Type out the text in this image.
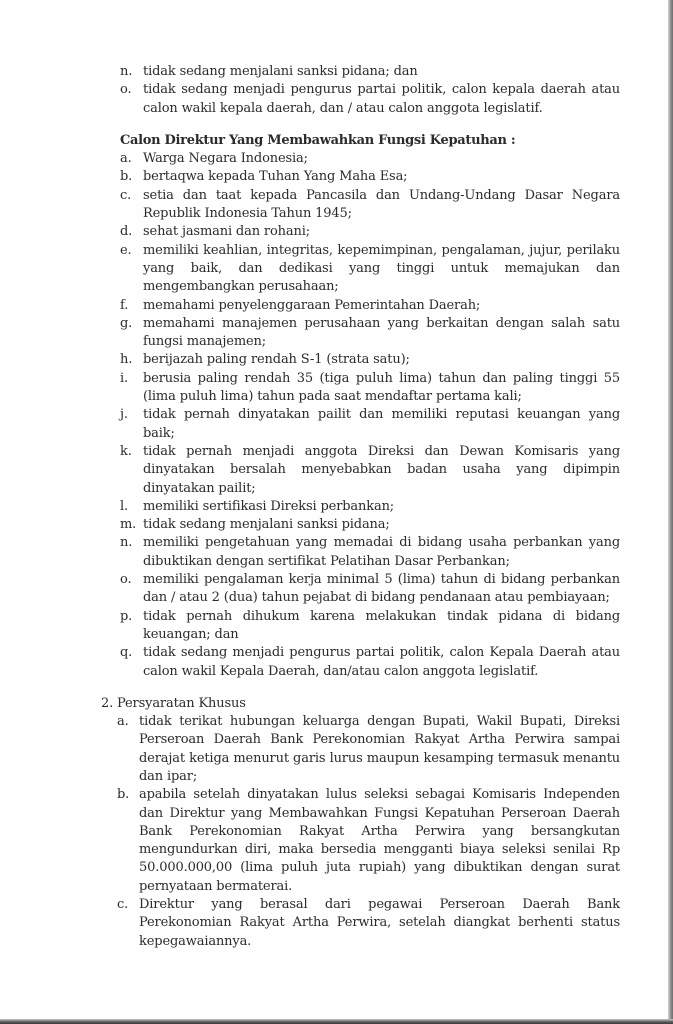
n. tidak sedang menjalani sanksi pidana; dan
o. tidak sedang menjadi pengurus partai politik, calon kepala daerah atau calon wakil kepala daerah, dan / atau calon anggota legislatif.
Calon Direktur Yang Membawahkan Fungsi Kepatuhan :
a. Warga Negara Indonesia;
b. bertaqwa kepada Tuhan Yang Maha Esa;
c. setia dan taat kepada Pancasila dan Undang-Undang Dasar Negara Republik Indonesia Tahun 1945;
d. sehat jasmani dan rohani;
e. memiliki keahlian, integritas, kepemimpinan, pengalaman, jujur, perilaku yang baik, dan dedikasi yang tinggi untuk memajukan dan mengembangkan perusahaan;
f.	memahami penyelenggaraan Pemerintahan Daerah;
g. memahami manajemen perusahaan yang berkaitan dengan salah satu fungsi manajemen;
h. berijazah paling rendah S-1 (strata satu);
i.	berusia paling rendah 35 (tiga puluh lima) tahun dan paling tinggi 55 (lima puluh lima) tahun pada saat mendaftar pertama kali;
j.	tidak pernah dinyatakan pailit dan memiliki reputasi keuangan yang baik;
k. tidak pernah menjadi anggota Direksi dan Dewan Komisaris yang dinyatakan bersalah menyebabkan badan usaha yang dipimpin dinyatakan pailit;
l.	memiliki sertifikasi Direksi perbankan;
m. tidak sedang menjalani sanksi pidana;
n. memiliki pengetahuan yang memadai di bidang usaha perbankan yang dibuktikan dengan sertifikat Pelatihan Dasar Perbankan;
o. memiliki pengalaman kerja minimal 5 (lima) tahun di bidang perbankan dan / atau 2 (dua) tahun pejabat di bidang pendanaan atau pembiayaan;
p. tidak pernah dihukum karena melakukan tindak pidana di bidang keuangan; dan
q. tidak sedang menjadi pengurus partai politik, calon Kepala Daerah atau calon wakil Kepala Daerah, dan/atau calon anggota legislatif.
2. Persyaratan Khusus
a. tidak terikat hubungan keluarga dengan Bupati, Wakil Bupati, Direksi Perseroan Daerah Bank Perekonomian Rakyat Artha Perwira sampai derajat ketiga menurut garis lurus maupun kesamping termasuk menantu dan ipar;
b. apabila setelah dinyatakan lulus seleksi sebagai Komisaris Independen dan Direktur yang Membawahkan Fungsi Kepatuhan Perseroan Daerah Bank Perekonomian Rakyat Artha Perwira yang bersangkutan mengundurkan diri, maka bersedia mengganti biaya seleksi senilai Rp 50.000.000,00 (lima puluh juta rupiah) yang dibuktikan dengan surat pernyataan bermaterai.
c. Direktur yang berasal dari pegawai Perseroan Daerah Bank Perekonomian Rakyat Artha Perwira, setelah diangkat berhenti status kepegawaiannya.
